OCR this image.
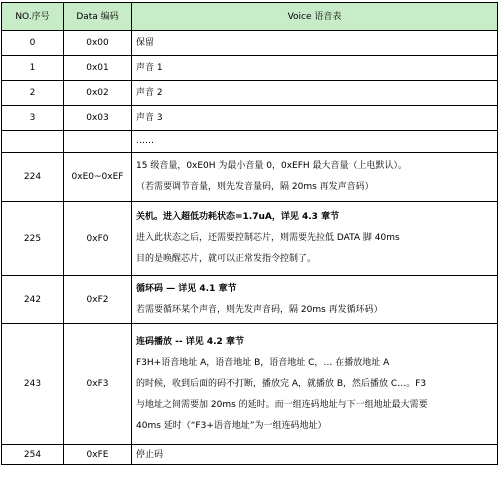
NO.序号	Data 编码	Voice 语音表
0	0x00	保留

1	0x01	声音 1

2	0x02	声音 2

3	0x03	声音 3

		……

224	0xE0~0xEF	15 级音量，0xE0H 为最小音量 0，0xEFH 最大音量（上电默认）。
（若需要调节音量，则先发音量码，隔 20ms 再发声音码）

225	0xF0	关机。进入超低功耗状态=1.7uA，详见 4.3 章节
进入此状态之后，还需要控制芯片，则需要先拉低 DATA 脚 40ms
目的是唤醒芯片，就可以正常发指令控制了。

242	0xF2	循环码 — 详见 4.1 章节
若需要循环某个声音，则先发声音码，隔 20ms 再发循环码）

243	0xF3	连码播放 -- 详见 4.2 章节
F3H+语音地址 A，语音地址 B，语音地址 C，… 在播放地址 A
的时候，收到后面的码不打断，播放完 A，就播放 B，然后播放 C…。F3
与地址之间需要加 20ms 的延时。而一组连码地址与下一组地址最大需要
40ms 延时（“F3+语音地址”为一组连码地址）

254	0xFE	停止码
